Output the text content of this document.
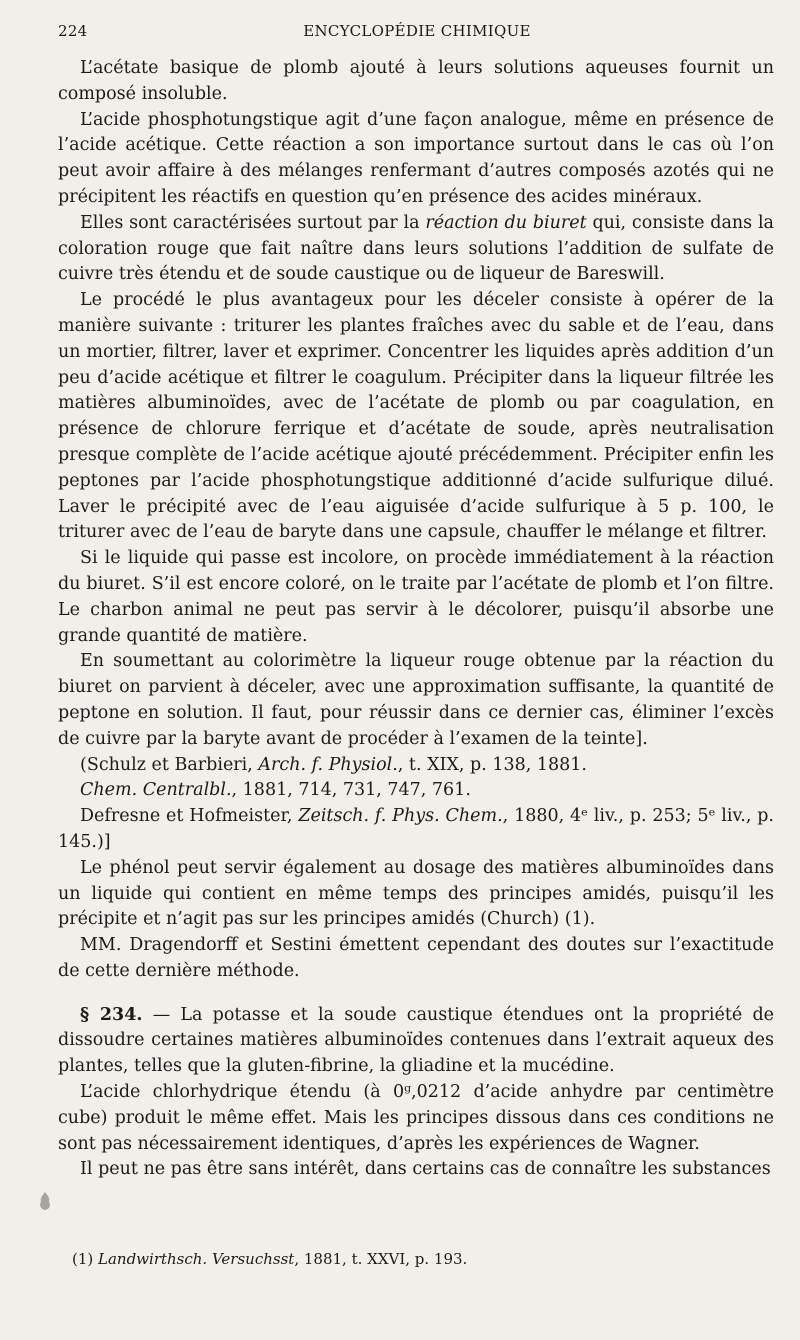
224	ENCYCLOPÉDIE CHIMIQUE

L’acétate basique de plomb ajouté à leurs solutions aqueuses fournit un composé insoluble.

L’acide phosphotungstique agit d’une façon analogue, même en présence de l’acide acétique. Cette réaction a son importance surtout dans le cas où l’on peut avoir affaire à des mélanges renfermant d’autres composés azotés qui ne précipitent les réactifs en question qu’en présence des acides minéraux.

Elles sont caractérisées surtout par la réaction du biuret qui, consiste dans la coloration rouge que fait naître dans leurs solutions l’addition de sulfate de cuivre très étendu et de soude caustique ou de liqueur de Bareswill.

Le procédé le plus avantageux pour les déceler consiste à opérer de la manière suivante : triturer les plantes fraîches avec du sable et de l’eau, dans un mortier, filtrer, laver et exprimer. Concentrer les liquides après addition d’un peu d’acide acétique et filtrer le coagulum. Précipiter dans la liqueur filtrée les matières albuminoïdes, avec de l’acétate de plomb ou par coagulation, en présence de chlorure ferrique et d’acétate de soude, après neutralisation presque complète de l’acide acétique ajouté précédemment. Précipiter enfin les peptones par l’acide phosphotungstique additionné d’acide sulfurique dilué. Laver le précipité avec de l’eau aiguisée d’acide sulfurique à 5 p. 100, le triturer avec de l’eau de baryte dans une capsule, chauffer le mélange et filtrer.

Si le liquide qui passe est incolore, on procède immédiatement à la réaction du biuret. S’il est encore coloré, on le traite par l’acétate de plomb et l’on filtre. Le charbon animal ne peut pas servir à le décolorer, puisqu’il absorbe une grande quantité de matière.

En soumettant au colorimètre la liqueur rouge obtenue par la réaction du biuret on parvient à déceler, avec une approximation suffisante, la quantité de peptone en solution. Il faut, pour réussir dans ce dernier cas, éliminer l’excès de cuivre par la baryte avant de procéder à l’examen de la teinte].

(Schulz et Barbieri, Arch. f. Physiol., t. XIX, p. 138, 1881.

Chem. Centralbl., 1881, 714, 731, 747, 761.

Defresne et Hofmeister, Zeitsch. f. Phys. Chem., 1880, 4ᵉ liv., p. 253; 5ᵉ liv., p. 145.)]

Le phénol peut servir également au dosage des matières albuminoïdes dans un liquide qui contient en même temps des principes amidés, puisqu’il les précipite et n’agit pas sur les principes amidés (Church) (1).

MM. Dragendorff et Sestini émettent cependant des doutes sur l’exactitude de cette dernière méthode.

§ 234. — La potasse et la soude caustique étendues ont la propriété de dissoudre certaines matières albuminoïdes contenues dans l’extrait aqueux des plantes, telles que la gluten-fibrine, la gliadine et la mucédine.

L’acide chlorhydrique étendu (à 0ᵍ,0212 d’acide anhydre par centimètre cube) produit le même effet. Mais les principes dissous dans ces conditions ne sont pas nécessairement identiques, d’après les expériences de Wagner.

Il peut ne pas être sans intérêt, dans certains cas de connaître les substances

(1) Landwirthsch. Versuchsst, 1881, t. XXVI, p. 193.
